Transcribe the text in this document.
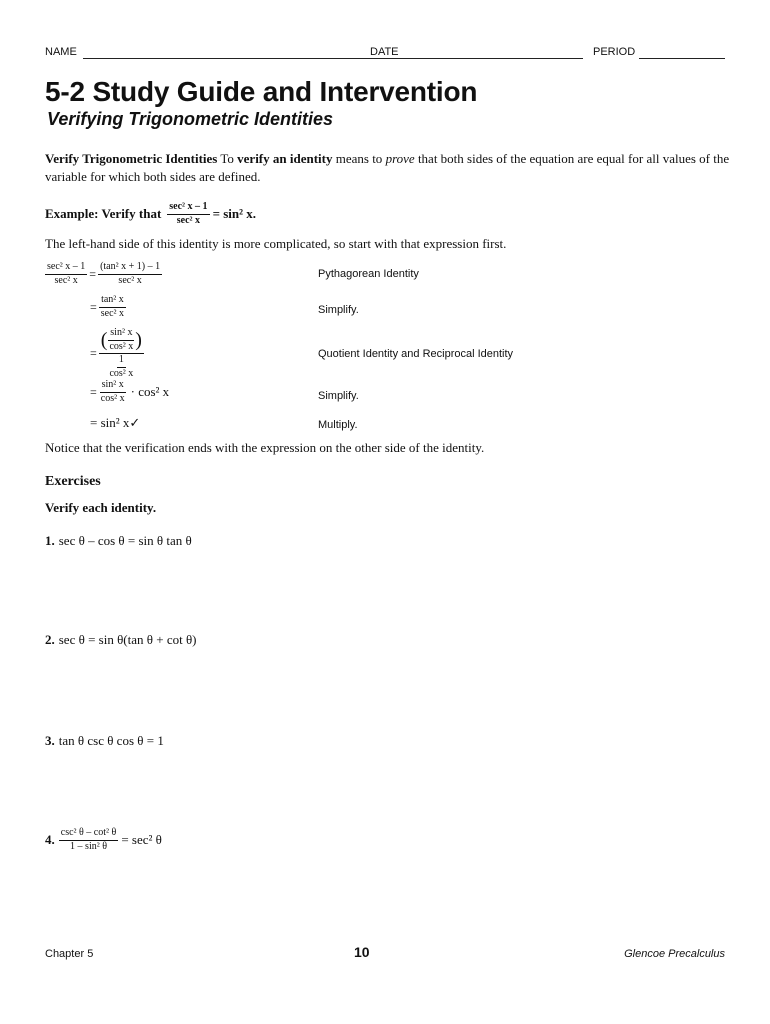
NAME	DATE	PERIOD
5-2 Study Guide and Intervention
Verifying Trigonometric Identities
Verify Trigonometric Identities To verify an identity means to prove that both sides of the equation are equal for all values of the variable for which both sides are defined.
Example: Verify that $\frac{\text{sec² x – 1}}{\text{sec² x}} = \sin^2$ x.
The left-hand side of this identity is more complicated, so start with that expression first.
$\frac{\text{sec² x – 1}}{\text{sec² x}} = \frac{\text{(tan² x + 1) – 1}}{\text{sec² x}}$	Pythagorean Identity
= $\frac{\text{tan² x}}{\text{sec² x}}$	Simplify.
= $\frac{( \frac{\text{sin² x}}{\text{cos² x}} )}{\frac{1}{\text{cos² x}}}$	Quotient Identity and Reciprocal Identity
= $\frac{\text{sin² x}}{\text{cos² x}} \cdot \cos^2$ x	Simplify.
= sin² x✓	Multiply.
Notice that the verification ends with the expression on the other side of the identity.
Exercises
Verify each identity.
1. sec θ – cos θ = sin θ tan θ
2. sec θ = sin θ(tan θ + cot θ)
3. tan θ csc θ cos θ = 1
4. $\frac{\text{csc² θ – cot² θ}}{\text{1 – sin² θ}} = \sec^2$ θ
Chapter 5	10	Glencoe Precalculus
